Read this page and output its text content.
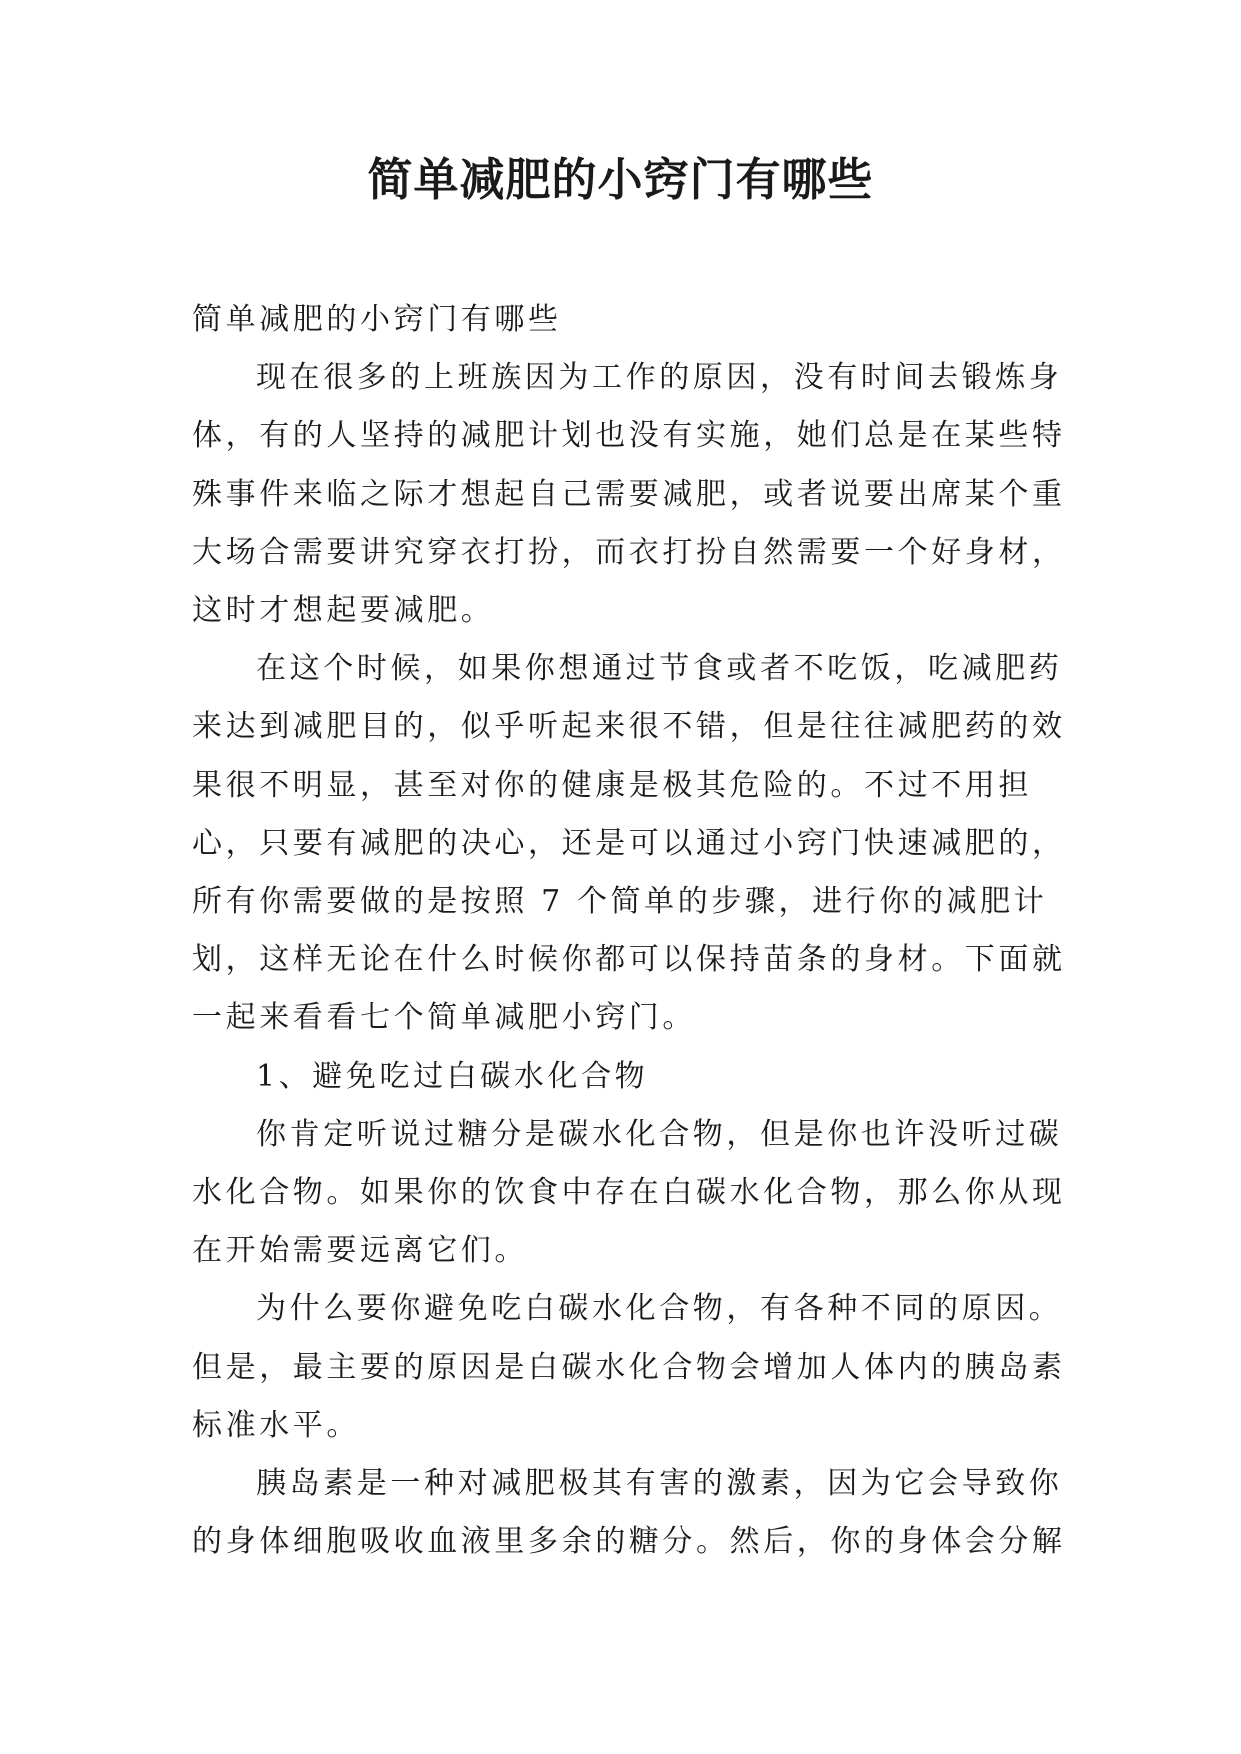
简单减肥的小窍门有哪些

简单减肥的小窍门有哪些

现在很多的上班族因为工作的原因，没有时间去锻炼身体，有的人坚持的减肥计划也没有实施，她们总是在某些特殊事件来临之际才想起自己需要减肥，或者说要出席某个重大场合需要讲究穿衣打扮，而衣打扮自然需要一个好身材，这时才想起要减肥。

在这个时候，如果你想通过节食或者不吃饭，吃减肥药来达到减肥目的，似乎听起来很不错，但是往往减肥药的效果很不明显，甚至对你的健康是极其危险的。不过不用担心，只要有减肥的决心，还是可以通过小窍门快速减肥的，所有你需要做的是按照 7 个简单的步骤，进行你的减肥计划，这样无论在什么时候你都可以保持苗条的身材。下面就一起来看看七个简单减肥小窍门。

1、避免吃过白碳水化合物

你肯定听说过糖分是碳水化合物，但是你也许没听过碳水化合物。如果你的饮食中存在白碳水化合物，那么你从现在开始需要远离它们。

为什么要你避免吃白碳水化合物，有各种不同的原因。但是，最主要的原因是白碳水化合物会增加人体内的胰岛素标准水平。

胰岛素是一种对减肥极其有害的激素，因为它会导致你的身体细胞吸收血液里多余的糖分。然后，你的身体会分解
